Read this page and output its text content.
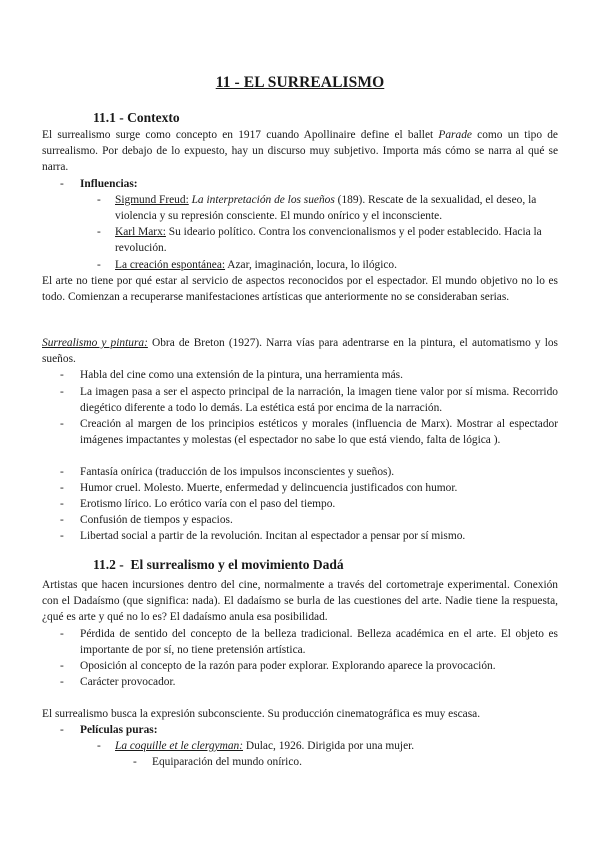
11 - EL SURREALISMO
11.1 - Contexto
El surrealismo surge como concepto en 1917 cuando Apollinaire define el ballet Parade como un tipo de surrealismo. Por debajo de lo expuesto, hay un discurso muy subjetivo. Importa más cómo se narra al qué se narra.
- Influencias:
- Sigmund Freud: La interpretación de los sueños (189). Rescate de la sexualidad, el deseo, la violencia y su represión consciente. El mundo onírico y el inconsciente.
- Karl Marx: Su ideario político. Contra los convencionalismos y el poder establecido. Hacia la revolución.
- La creación espontánea: Azar, imaginación, locura, lo ilógico.
El arte no tiene por qué estar al servicio de aspectos reconocidos por el espectador. El mundo objetivo no lo es todo. Comienzan a recuperarse manifestaciones artísticas que anteriormente no se consideraban serias.
Surrealismo y pintura: Obra de Breton (1927). Narra vías para adentrarse en la pintura, el automatismo y los sueños.
- Habla del cine como una extensión de la pintura, una herramienta más.
- La imagen pasa a ser el aspecto principal de la narración, la imagen tiene valor por sí misma. Recorrido diegético diferente a todo lo demás. La estética está por encima de la narración.
- Creación al margen de los principios estéticos y morales (influencia de Marx). Mostrar al espectador imágenes impactantes y molestas (el espectador no sabe lo que está viendo, falta de lógica ).
- Fantasía onírica (traducción de los impulsos inconscientes y sueños).
- Humor cruel. Molesto. Muerte, enfermedad y delincuencia justificados con humor.
- Erotismo lírico. Lo erótico varía con el paso del tiempo.
- Confusión de tiempos y espacios.
- Libertad social a partir de la revolución. Incitan al espectador a pensar por sí mismo.
11.2 -  El surrealismo y el movimiento Dadá
Artistas que hacen incursiones dentro del cine, normalmente a través del cortometraje experimental. Conexión con el Dadaísmo (que significa: nada). El dadaísmo se burla de las cuestiones del arte. Nadie tiene la respuesta, ¿qué es arte y qué no lo es? El dadaísmo anula esa posibilidad.
- Pérdida de sentido del concepto de la belleza tradicional. Belleza académica en el arte. El objeto es importante de por sí, no tiene pretensión artística.
- Oposición al concepto de la razón para poder explorar. Explorando aparece la provocación.
- Carácter provocador.
El surrealismo busca la expresión subconsciente. Su producción cinematográfica es muy escasa.
- Películas puras:
- La coquille et le clergyman: Dulac, 1926. Dirigida por una mujer.
- Equiparación del mundo onírico.
